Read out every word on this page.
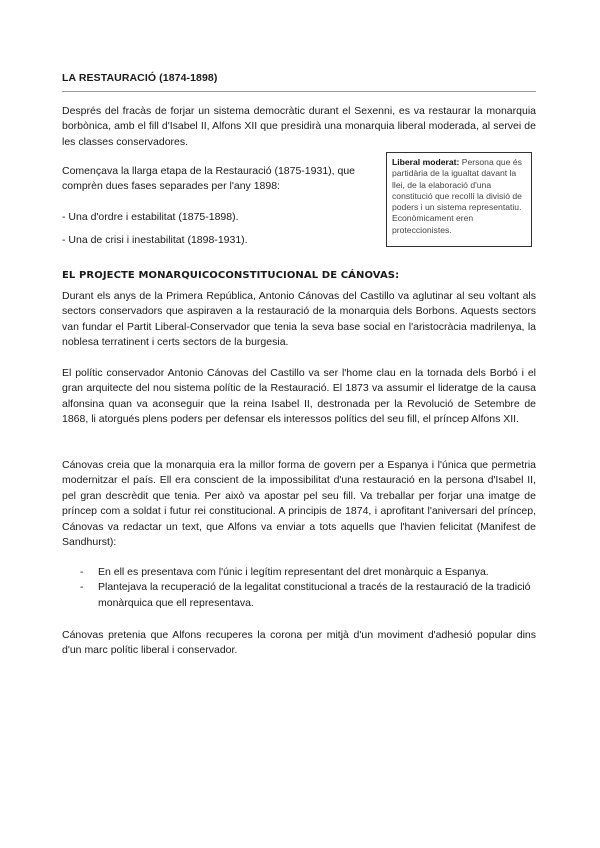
LA RESTAURACIÓ (1874-1898)

Després del fracàs de forjar un sistema democràtic durant el Sexenni, es va restaurar la monarquia borbònica, amb el fill d'Isabel II, Alfons XII que presidirà una monarquia liberal moderada, al servei de les classes conservadores.

Començava la llarga etapa de la Restauració (1875-1931), que comprèn dues fases separades per l'any 1898:

- Una d'ordre i estabilitat (1875-1898).

- Una de crisi i inestabilitat (1898-1931).

Liberal moderat: Persona que és partidària de la igualtat davant la llei, de la elaboració d'una constitució que recollí la divisió de poders i un sistema representatiu. Econòmicament eren proteccionistes.
EL PROJECTE MONARQUICOCONSTITUCIONAL DE CÁNOVAS:

Durant els anys de la Primera República, Antonio Cánovas del Castillo va aglutinar al seu voltant als sectors conservadors que aspiraven a la restauració de la monarquia dels Borbons. Aquests sectors van fundar el Partit Liberal-Conservador que tenia la seva base social en l'aristocràcia madrilenya, la noblesa terratinent i certs sectors de la burgesia.

El polític conservador Antonio Cánovas del Castillo va ser l'home clau en la tornada dels Borbó i el gran arquitecte del nou sistema polític de la Restauració. El 1873 va assumir el lideratge de la causa alfonsina quan va aconseguir que la reina Isabel II, destronada per la Revolució de Setembre de 1868, li atorgués plens poders per defensar els interessos polítics del seu fill, el príncep Alfons XII.

Cánovas creia que la monarquia era la millor forma de govern per a Espanya i l'única que permetria modernitzar el país. Ell era conscient de la impossibilitat d'una restauració en la persona d'Isabel II, pel gran descrèdit que tenia. Per això va apostar pel seu fill. Va treballar per forjar una imatge de príncep com a soldat i futur rei constitucional. A principis de 1874, i aprofitant l'aniversari del príncep, Cánovas va redactar un text, que Alfons va enviar a tots aquells que l'havien felicitat (Manifest de Sandhurst):

- En ell es presentava com l'únic i legítim representant del dret monàrquic a Espanya.
- Plantejava la recuperació de la legalitat constitucional a tracés de la restauració de la tradició monàrquica que ell representava.

Cánovas pretenia que Alfons recuperes la corona per mitjà d'un moviment d'adhesió popular dins d'un marc polític liberal i conservador.
